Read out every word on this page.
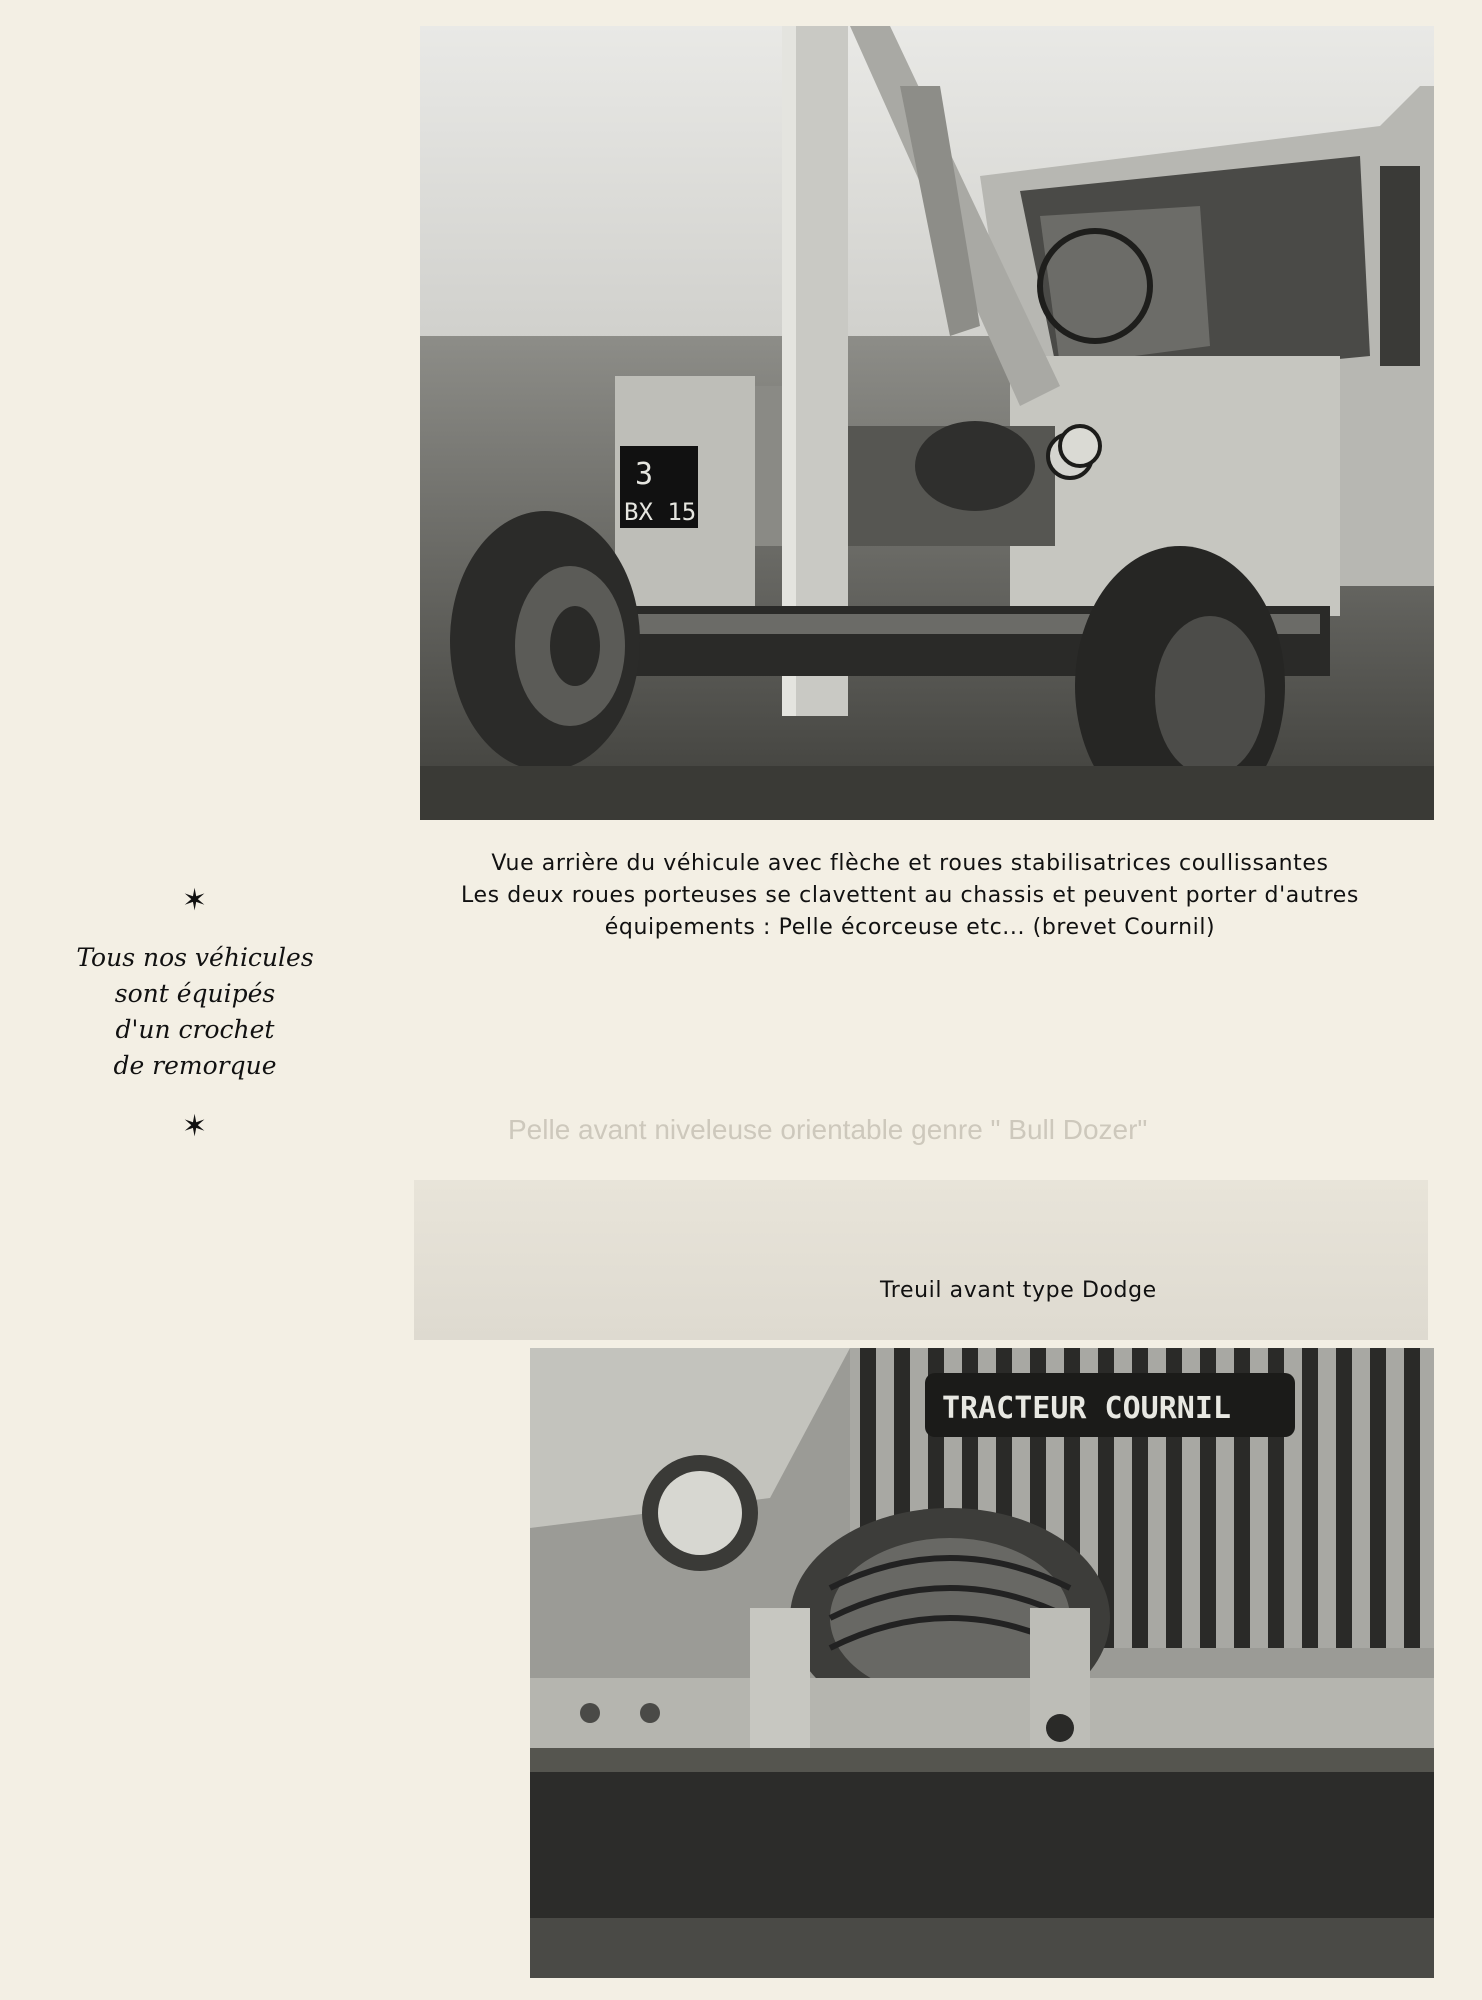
3
BX 15
Vue arrière du véhicule avec flèche et roues stabilisatrices coullissantes
Les deux roues porteuses se clavettent au chassis et peuvent porter d'autres
équipements : Pelle écorceuse etc... (brevet Cournil)
✶
Tous nos véhicules
sont équipés
d'un crochet
de remorque
✶	Pelle avant niveleuse orientable genre " Bull Dozer"
Treuil avant type Dodge
TRACTEUR COURNIL
